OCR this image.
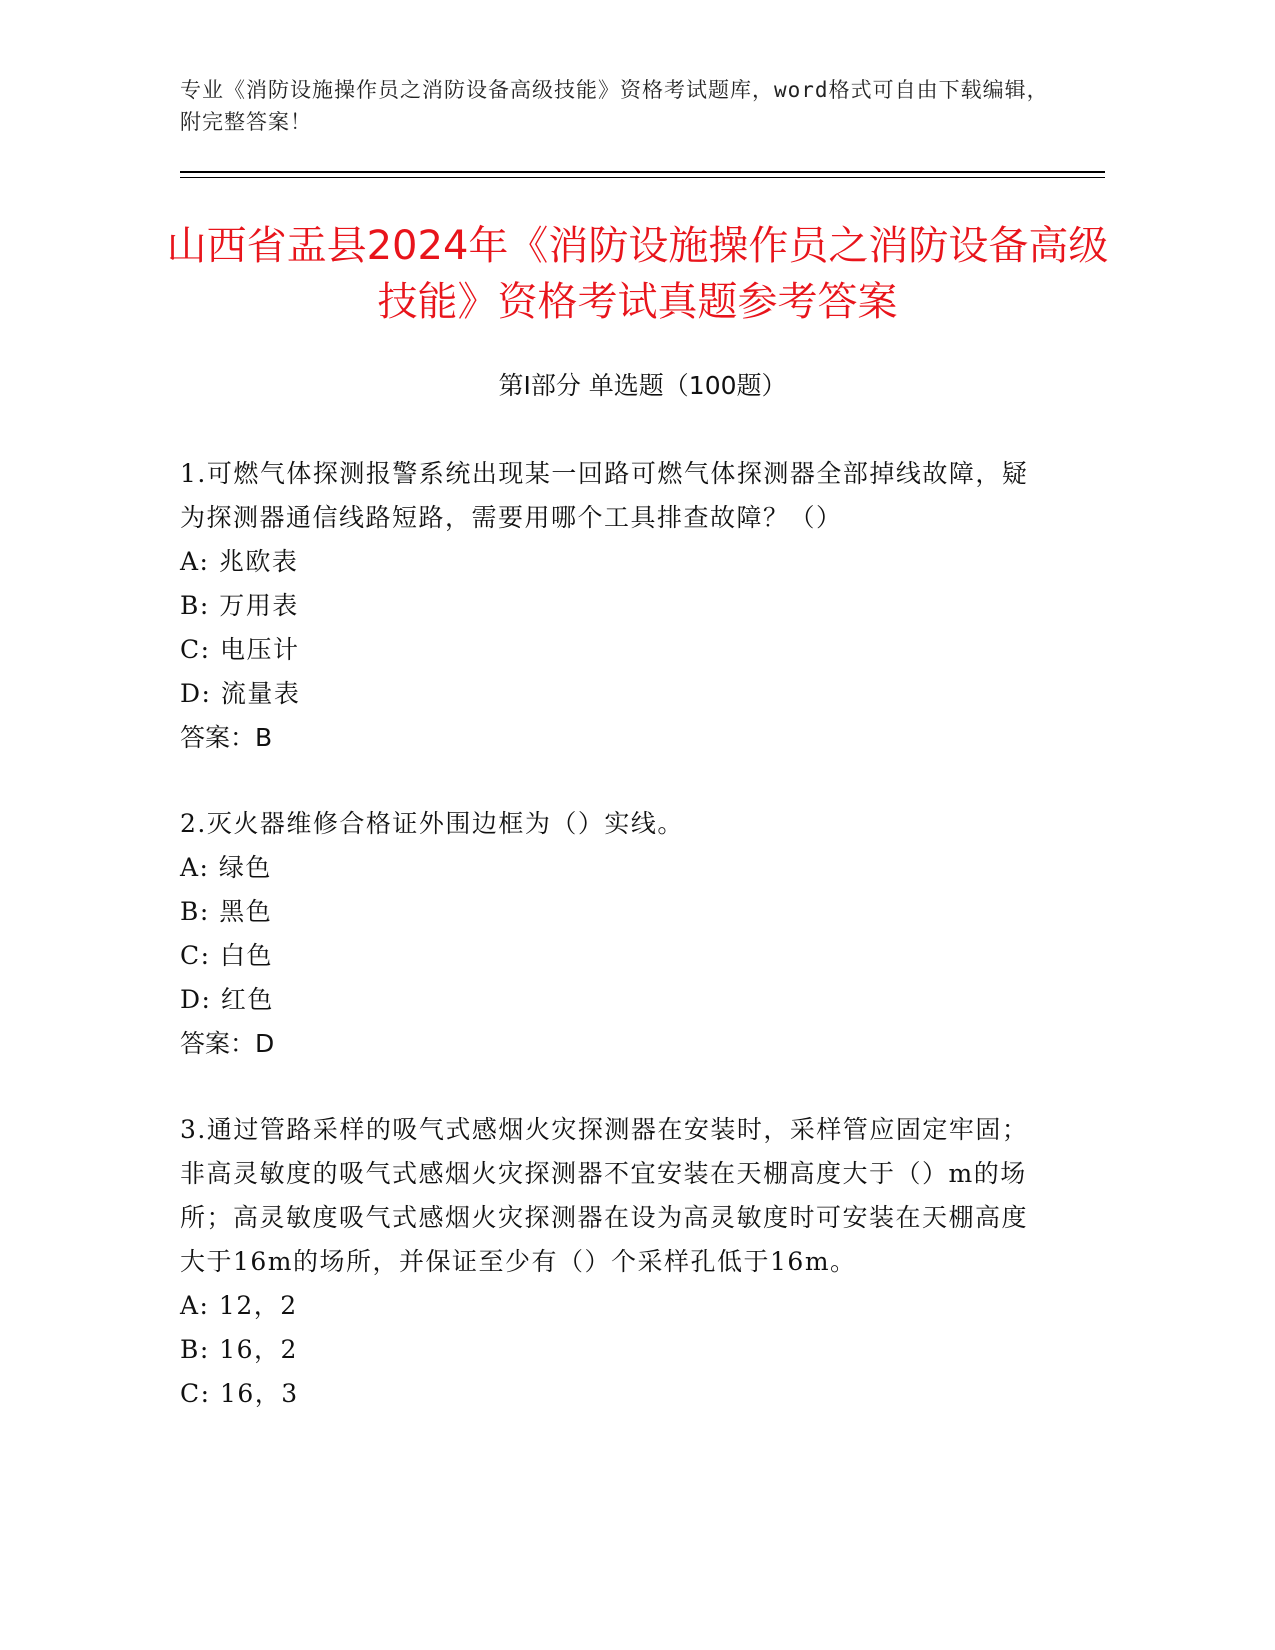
专业《消防设施操作员之消防设备高级技能》资格考试题库，word格式可自由下载编辑，附完整答案！
山西省盂县2024年《消防设施操作员之消防设备高级技能》资格考试真题参考答案
第Ⅰ部分 单选题（100题）

1.可燃气体探测报警系统出现某一回路可燃气体探测器全部掉线故障，疑为探测器通信线路短路，需要用哪个工具排查故障？（）

A: 兆欧表

B: 万用表

C: 电压计

D: 流量表

答案：B

2.灭火器维修合格证外围边框为（）实线。

A: 绿色

B: 黑色

C: 白色

D: 红色

答案：D

3.通过管路采样的吸气式感烟火灾探测器在安装时，采样管应固定牢固；非高灵敏度的吸气式感烟火灾探测器不宜安装在天棚高度大于（）m的场所；高灵敏度吸气式感烟火灾探测器在设为高灵敏度时可安装在天棚高度大于16m的场所，并保证至少有（）个采样孔低于16m。

A: 12，2

B: 16，2

C: 16，3
